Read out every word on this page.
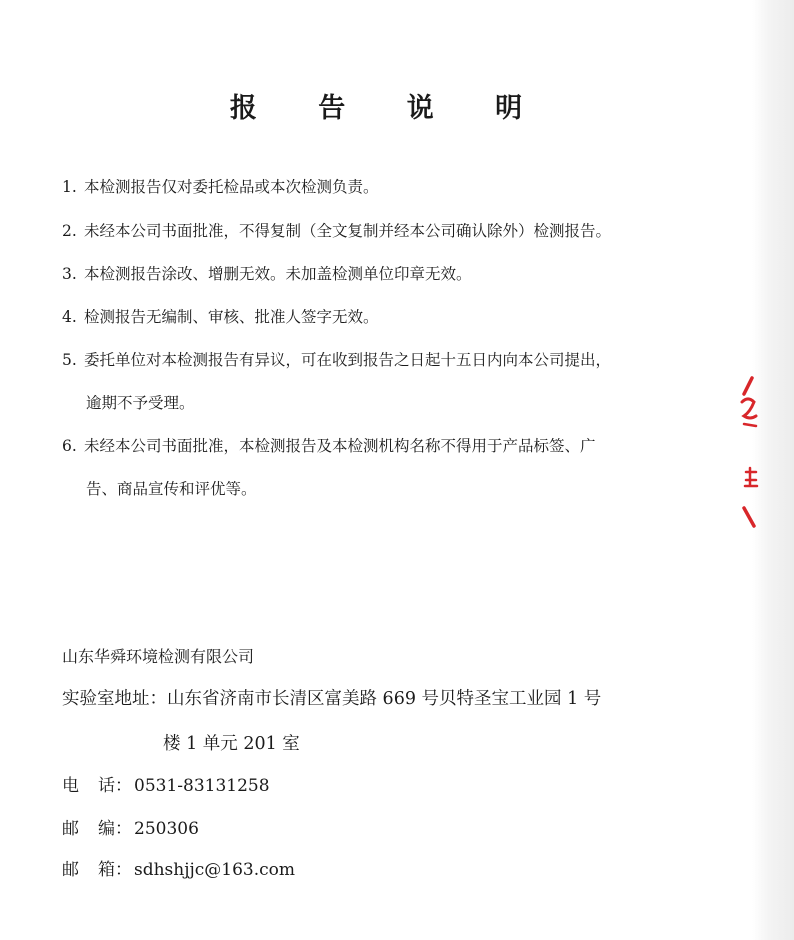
报 告 说 明
1. 本检测报告仅对委托检品或本次检测负责。
2. 未经本公司书面批准，不得复制（全文复制并经本公司确认除外）检测报告。
3. 本检测报告涂改、增删无效。未加盖检测单位印章无效。
4. 检测报告无编制、审核、批准人签字无效。
5. 委托单位对本检测报告有异议，可在收到报告之日起十五日内向本公司提出，
逾期不予受理。
6. 未经本公司书面批准，本检测报告及本检测机构名称不得用于产品标签、广
告、商品宣传和评优等。
山东华舜环境检测有限公司
实验室地址：山东省济南市长清区富美路 669 号贝特圣宝工业园 1 号
楼 1 单元 201 室
电 话： 0531-83131258
邮 编： 250306
邮 箱： sdhshjjc@163.com
